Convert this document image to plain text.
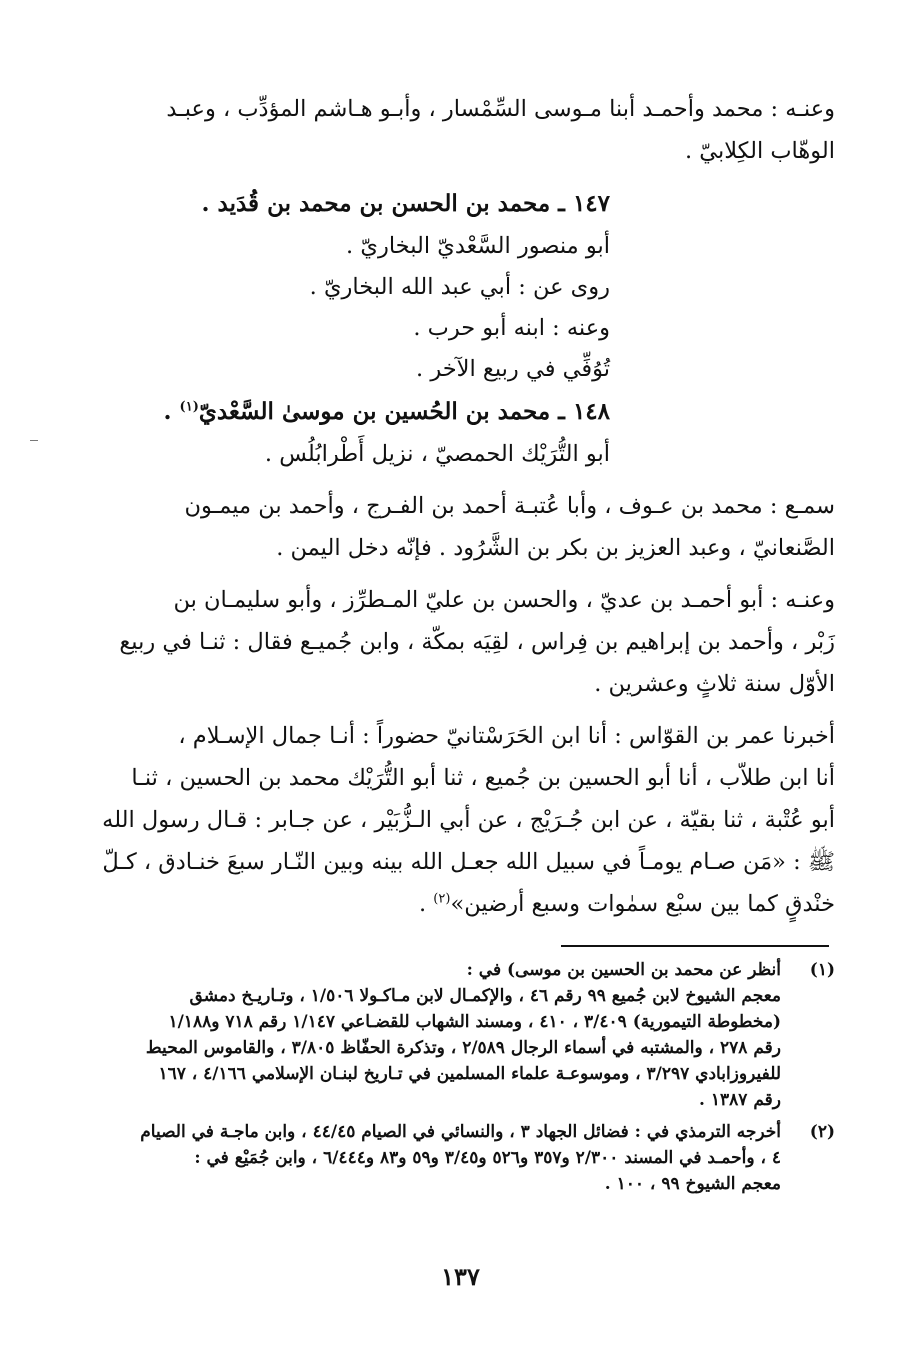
وعنـه : محمد وأحمـد أبنا مـوسى السِّمْسار ، وأبـو هـاشم المؤدِّب ، وعبـد
الوهّاب الكِلابيّ .

١٤٧ ـ محمد بن الحسن بن محمد بن قُدَيد .

أبو منصور السَّعْديّ البخاريّ .

روى عن : أبي عبد الله البخاريّ .

وعنه : ابنه أبو حرب .

تُوُفِّي في ربيع الآخر .

١٤٨ ـ محمد بن الحُسين بن موسىٰ السَّعْديّ$^{(١)}$ .

أبو التُّرَيْك الحمصيّ ، نزيل أَطْرابُلُس .

سمـع : محمد بن عـوف ، وأبا عُتبـة أحمد بن الفـرج ، وأحمد بن ميمـون
الصَّنعانيّ ، وعبد العزيز بن بكر بن الشَّرُود . فإنّه دخل اليمن .

وعنـه : أبو أحمـد بن عديّ ، والحسن بن عليّ المـطرِّز ، وأبو سليمـان بن
زَبْر ، وأحمد بن إبراهيم بن فِراس ، لقِيَه بمكّة ، وابن جُميـع فقال : ثنـا في ربيع
الأوّل سنة ثلاثٍ وعشرين .

أخبرنا عمر بن القوّاس : أنا ابن الحَرَسْتانيّ حضوراً : أنـا جمال الإسـلام ،
أنا ابن طلاّب ، أنا أبو الحسين بن جُميع ، ثنا أبو التُّرَيْك محمد بن الحسين ، ثنـا
أبو عُتْبة ، ثنا بقيّة ، عن ابن جُـرَيْج ، عن أبي الـزُّبَيْر ، عن جـابر : قـال رسول الله
ﷺ : «مَن صـام يومـاً في سبيل الله جعـل الله بينه وبين النّـار سبعَ خنـادق ، كـلّ
خنْدقٍ كما بين سبْع سمٰوات وسبع أرضين»$^{(٢)}$ .

(١)
أنظر عن محمد بن الحسين بن موسى) في :
معجم الشيوخ لابن جُميع ٩٩ رقم ٤٦ ، والإكمـال لابن مـاكـولا ١/٥٠٦ ، وتـاريـخ دمشق
(مخطوطة التيمورية) ٣/٤٠٩ ، ٤١٠ ، ومسند الشهاب للقضـاعي ١/١٤٧ رقم ٧١٨ و١/١٨٨
رقم ٢٧٨ ، والمشتبه في أسماء الرجال ٢/٥٨٩ ، وتذكرة الحفّاظ ٣/٨٠٥ ، والقاموس المحيط
للفيروزابادي ٣/٢٩٧ ، وموسوعـة علماء المسلمين في تـاريخ لبنـان الإسلامي ٤/١٦٦ ، ١٦٧
رقم ١٣٨٧ .
(٢)
أخرجه الترمذي في : فضائل الجهاد ٣ ، والنسائي في الصيام ٤٤/٤٥ ، وابن ماجـة في الصيام
٤ ، وأحمـد في المسند ٢/٣٠٠ و٣٥٧ و٥٢٦ و٣/٤٥ و٥٩ و٨٣ و٦/٤٤٤ ، وابن جُمَيْع في :
معجم الشيوخ ٩٩ ، ١٠٠ .
١٣٧
